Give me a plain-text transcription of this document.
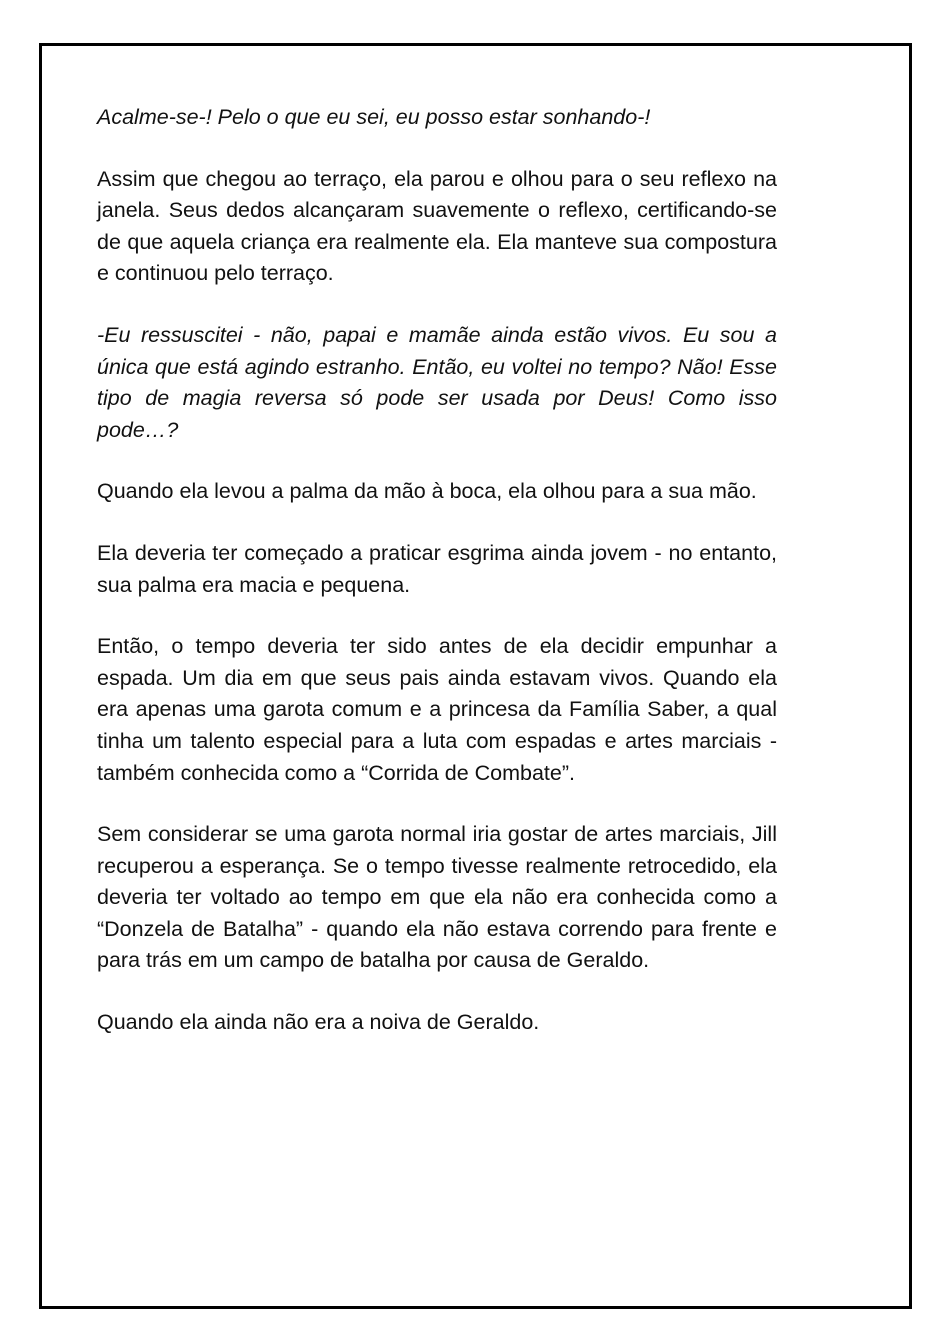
Acalme-se-! Pelo o que eu sei, eu posso estar sonhando-!

Assim que chegou ao terraço, ela parou e olhou para o seu reflexo na janela. Seus dedos alcançaram suavemente o reflexo, certificando-se de que aquela criança era realmente ela. Ela manteve sua compostura e continuou pelo terraço.

-Eu ressuscitei - não, papai e mamãe ainda estão vivos. Eu sou a única que está agindo estranho. Então, eu voltei no tempo? Não! Esse tipo de magia reversa só pode ser usada por Deus! Como isso pode…?

Quando ela levou a palma da mão à boca, ela olhou para a sua mão.

Ela deveria ter começado a praticar esgrima ainda jovem - no entanto, sua palma era macia e pequena.

Então, o tempo deveria ter sido antes de ela decidir empunhar a espada. Um dia em que seus pais ainda estavam vivos. Quando ela era apenas uma garota comum e a princesa da Família Saber, a qual tinha um talento especial para a luta com espadas e artes marciais - também conhecida como a “Corrida de Combate”.

Sem considerar se uma garota normal iria gostar de artes marciais, Jill recuperou a esperança. Se o tempo tivesse realmente retrocedido, ela deveria ter voltado ao tempo em que ela não era conhecida como a “Donzela de Batalha” - quando ela não estava correndo para frente e para trás em um campo de batalha por causa de Geraldo.

Quando ela ainda não era a noiva de Geraldo.
